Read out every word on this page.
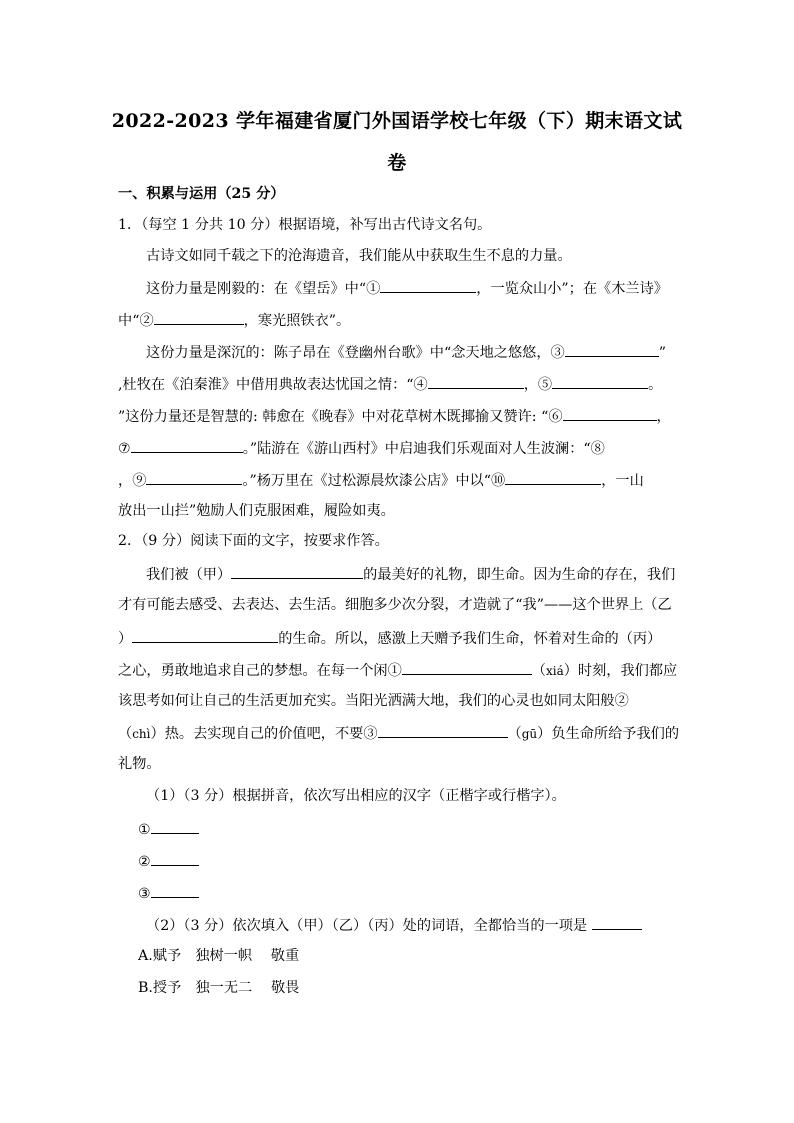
2022-2023 学年福建省厦门外国语学校七年级（下）期末语文试
卷
一、积累与运用（25 分）
1．（每空 1 分共 10 分）根据语境，补写出古代诗文名句。
古诗文如同千载之下的沧海遗音，我们能从中获取生生不息的力量。
这份力量是刚毅的：在《望岳》中“①	，一览众山小”；在《木兰诗》
中“②	，寒光照铁衣”。
这份力量是深沉的：陈子昂在《登幽州台歌》中“念天地之悠悠，③	”
,杜牧在《泊秦淮》中借用典故表达忧国之情：“④	，⑤	。
”这份力量还是智慧的: 韩愈在《晚春》中对花草树木既揶揄又赞许: “⑥	，
⑦	。”陆游在《游山西村》中启迪我们乐观面对人生波澜：“⑧
，⑨	。”杨万里在《过松源晨炊漆公店》中以“⑩	，一山
放出一山拦”勉励人们克服困难，履险如夷。
2．（9 分）阅读下面的文字，按要求作答。
我们被（甲）	的最美好的礼物，即生命。因为生命的存在，我们
才有可能去感受、去表达、去生活。细胞多少次分裂，才造就了“我”——这个世界上（乙
）	的生命。所以，感激上天赠予我们生命，怀着对生命的（丙）
之心，勇敢地追求自己的梦想。在每一个闲①	（xiá）时刻，我们都应
该思考如何让自己的生活更加充实。当阳光洒满大地，我们的心灵也如同太阳般②
（chì）热。去实现自己的价值吧，不要③	（gū）负生命所给予我们的
礼物。
（1）（3 分）根据拼音，依次写出相应的汉字（正楷字或行楷字）。
①
②
③
（2）（3 分）依次填入（甲）（乙）（丙）处的词语，全都恰当的一项是
A.赋予　独树一帜　 敬重
B.授予　独一无二　 敬畏
